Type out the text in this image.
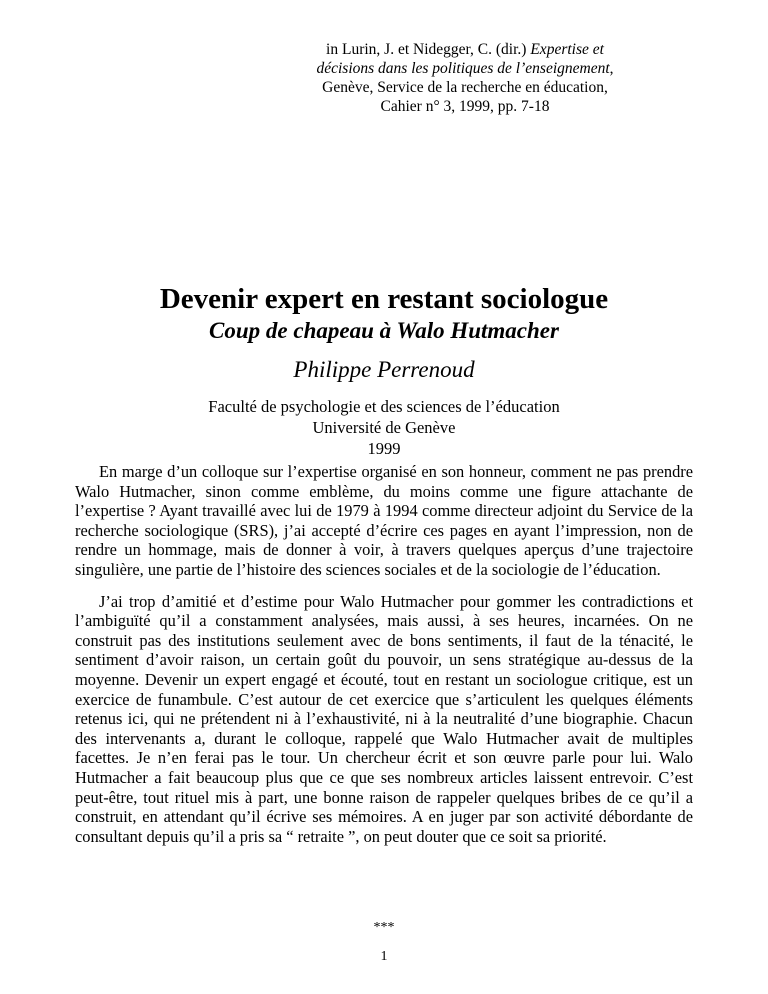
in Lurin, J. et Nidegger, C. (dir.) Expertise et
décisions dans les politiques de l’enseignement,
Genève, Service de la recherche en éducation,
Cahier n° 3, 1999, pp. 7-18
Devenir expert en restant sociologue
Coup de chapeau à Walo Hutmacher
Philippe Perrenoud
Faculté de psychologie et des sciences de l’éducation
Université de Genève
1999

En marge d’un colloque sur l’expertise organisé en son honneur, comment ne pas prendre Walo Hutmacher, sinon comme emblème, du moins comme une figure attachante de l’expertise ? Ayant travaillé avec lui de 1979 à 1994 comme directeur adjoint du Service de la recherche sociologique (SRS), j’ai accepté d’écrire ces pages en ayant l’impression, non de rendre un hommage, mais de donner à voir, à travers quelques aperçus d’une trajectoire singulière, une partie de l’histoire des sciences sociales et de la sociologie de l’éducation.

J’ai trop d’amitié et d’estime pour Walo Hutmacher pour gommer les contradictions et l’ambiguïté qu’il a constamment analysées, mais aussi, à ses heures, incarnées. On ne construit pas des institutions seulement avec de bons sentiments, il faut de la ténacité, le sentiment d’avoir raison, un certain goût du pouvoir, un sens stratégique au-dessus de la moyenne. Devenir un expert engagé et écouté, tout en restant un sociologue critique, est un exercice de funambule. C’est autour de cet exercice que s’articulent les quelques éléments retenus ici, qui ne prétendent ni à l’exhaustivité, ni à la neutralité d’une biographie. Chacun des intervenants a, durant le colloque, rappelé que Walo Hutmacher avait de multiples facettes. Je n’en ferai pas le tour. Un chercheur écrit et son œuvre parle pour lui. Walo Hutmacher a fait beaucoup plus que ce que ses nombreux articles laissent entrevoir. C’est peut-être, tout rituel mis à part, une bonne raison de rappeler quelques bribes de ce qu’il a construit, en attendant qu’il écrive ses mémoires. A en juger par son activité débordante de consultant depuis qu’il a pris sa “ retraite ”, on peut douter que ce soit sa priorité.

***
1
